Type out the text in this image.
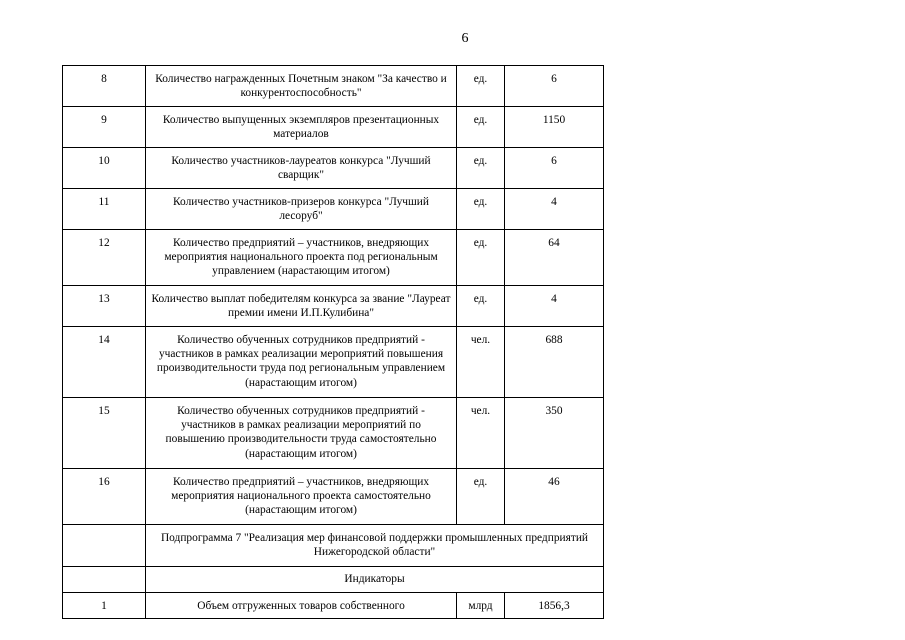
6
8	Количество награжденных Почетным знаком "За качество и конкурентоспособность"	ед.	6
9	Количество выпущенных экземпляров презентационных материалов	ед.	1150
10	Количество участников-лауреатов конкурса "Лучший сварщик"	ед.	6
11	Количество участников-призеров конкурса "Лучший лесоруб"	ед.	4
12	Количество предприятий – участников, внедряющих мероприятия национального проекта под региональным управлением (нарастающим итогом)	ед.	64
13	Количество выплат победителям конкурса за звание "Лауреат премии имени И.П.Кулибина"	ед.	4
14	Количество обученных сотрудников предприятий - участников в рамках реализации мероприятий повышения производительности труда под региональным управлением (нарастающим итогом)	чел.	688
15	Количество обученных сотрудников предприятий - участников в рамках реализации мероприятий по повышению производительности труда самостоятельно (нарастающим итогом)	чел.	350
16	Количество предприятий – участников, внедряющих мероприятия национального проекта самостоятельно (нарастающим итогом)	ед.	46
	Подпрограмма 7 "Реализация мер финансовой поддержки промышленных предприятий Нижегородской области"		
	Индикаторы		
1	Объем отгруженных товаров собственного	млрд	1856,3
